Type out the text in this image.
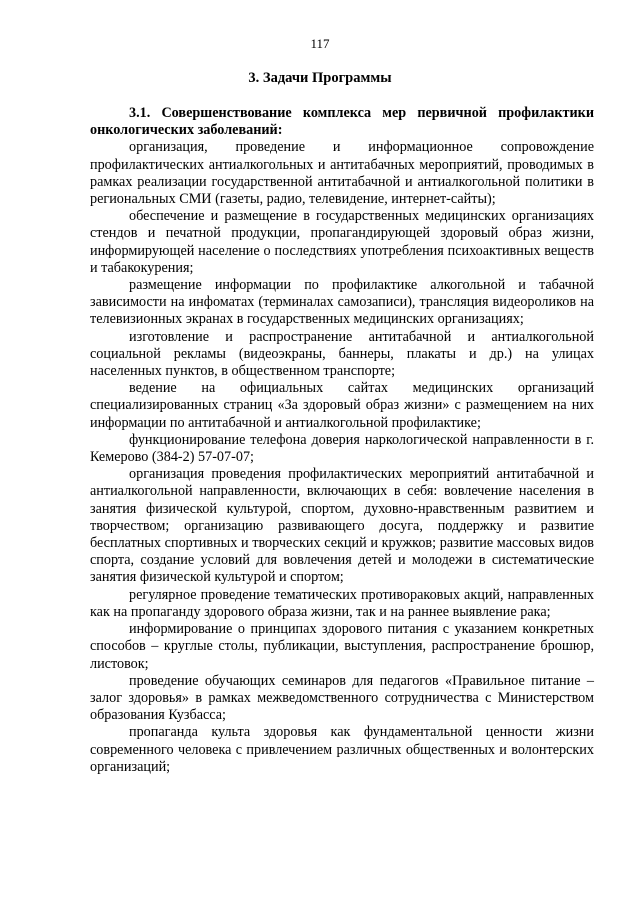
117
3. Задачи Программы

3.1. Совершенствование комплекса мер первичной профилактики онкологических заболеваний:

организация, проведение и информационное сопровождение профилактических антиалкогольных и антитабачных мероприятий, проводимых в рамках реализации государственной антитабачной и антиалкогольной политики в региональных СМИ (газеты, радио, телевидение, интернет-сайты);

обеспечение и размещение в государственных медицинских организациях стендов и печатной продукции, пропагандирующей здоровый образ жизни, информирующей население о последствиях употребления психоактивных веществ и табакокурения;

размещение информации по профилактике алкогольной и табачной зависимости на инфоматах (терминалах самозаписи), трансляция видеороликов на телевизионных экранах в государственных медицинских организациях;

изготовление и распространение антитабачной и антиалкогольной социальной рекламы (видеоэкраны, баннеры, плакаты и др.) на улицах населенных пунктов, в общественном транспорте;

ведение на официальных сайтах медицинских организаций специализированных страниц «За здоровый образ жизни» с размещением на них информации по антитабачной и антиалкогольной профилактике;

функционирование телефона доверия наркологической направленности в г. Кемерово (384-2) 57-07-07;

организация проведения профилактических мероприятий антитабачной и антиалкогольной направленности, включающих в себя: вовлечение населения в занятия физической культурой, спортом, духовно-нравственным развитием и творчеством; организацию развивающего досуга, поддержку и развитие бесплатных спортивных и творческих секций и кружков; развитие массовых видов спорта, создание условий для вовлечения детей и молодежи в систематические занятия физической культурой и спортом;

регулярное проведение тематических противораковых акций, направленных как на пропаганду здорового образа жизни, так и на раннее выявление рака;

информирование о принципах здорового питания с указанием конкретных способов – круглые столы, публикации, выступления, распространение брошюр, листовок;

проведение обучающих семинаров для педагогов «Правильное питание – залог здоровья» в рамках межведомственного сотрудничества с Министерством образования Кузбасса;

пропаганда культа здоровья как фундаментальной ценности жизни современного человека с привлечением различных общественных и волонтерских организаций;
